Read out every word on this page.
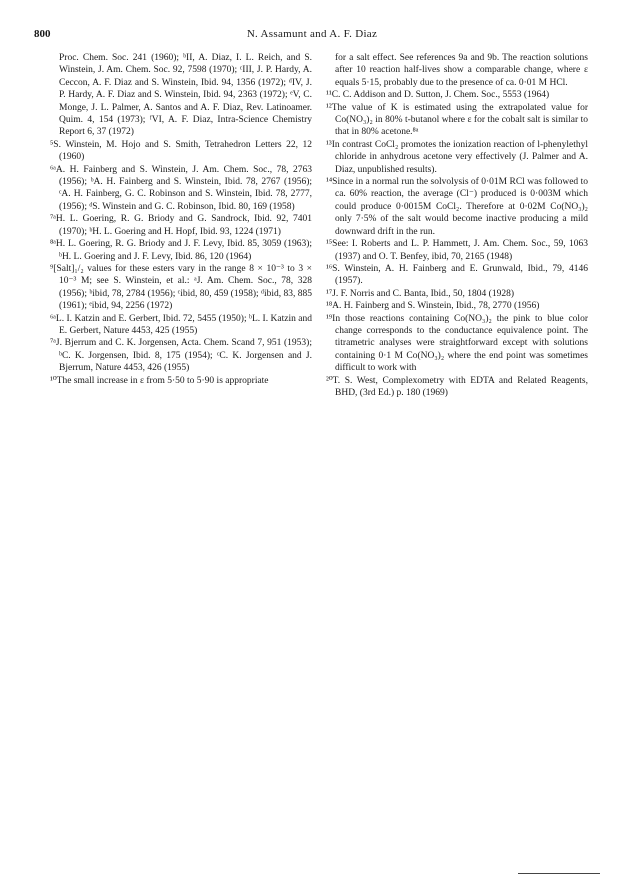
800	N. Assamunt and A. F. Diaz

Proc. Chem. Soc. 241 (1960); ᵇII, A. Diaz, I. L. Reich, and S. Winstein, J. Am. Chem. Soc. 92, 7598 (1970); ᶜIII, J. P. Hardy, A. Ceccon, A. F. Diaz and S. Winstein, Ibid. 94, 1356 (1972); ᵈIV, J. P. Hardy, A. F. Diaz and S. Winstein, Ibid. 94, 2363 (1972); ᵉV, C. Monge, J. L. Palmer, A. Santos and A. F. Diaz, Rev. Latinoamer. Quim. 4, 154 (1973); ᶠVI, A. F. Diaz, Intra-Science Chemistry Report 6, 37 (1972)

⁵S. Winstein, M. Hojo and S. Smith, Tetrahedron Letters 22, 12 (1960)

⁶ᵃA. H. Fainberg and S. Winstein, J. Am. Chem. Soc., 78, 2763 (1956); ᵇA. H. Fainberg and S. Winstein, Ibid. 78, 2767 (1956); ᶜA. H. Fainberg, G. C. Robinson and S. Winstein, Ibid. 78, 2777, (1956); ᵈS. Winstein and G. C. Robinson, Ibid. 80, 169 (1958)

⁷ᵃH. L. Goering, R. G. Briody and G. Sandrock, Ibid. 92, 7401 (1970); ᵇH. L. Goering and H. Hopf, Ibid. 93, 1224 (1971)

⁸ᵃH. L. Goering, R. G. Briody and J. F. Levy, Ibid. 85, 3059 (1963); ᵇH. L. Goering and J. F. Levy, Ibid. 86, 120 (1964)

⁹[Salt]₁/₂ values for these esters vary in the range 8 × 10⁻³ to 3 × 10⁻³ M; see S. Winstein, et al.: ᵃJ. Am. Chem. Soc., 78, 328 (1956); ᵇibid, 78, 2784 (1956); ᶜibid, 80, 459 (1958); ᵈibid, 83, 885 (1961); ᵉibid, 94, 2256 (1972)

⁶ᵃL. I. Katzin and E. Gerbert, Ibid. 72, 5455 (1950); ᵇL. I. Katzin and E. Gerbert, Nature 4453, 425 (1955)

⁷ᵃJ. Bjerrum and C. K. Jorgensen, Acta. Chem. Scand 7, 951 (1953); ᵇC. K. Jorgensen, Ibid. 8, 175 (1954); ᶜC. K. Jorgensen and J. Bjerrum, Nature 4453, 426 (1955)

¹⁰The small increase in ε from 5·50 to 5·90 is appropriate

for a salt effect. See references 9a and 9b. The reaction solutions after 10 reaction half-lives show a comparable change, where ε equals 5·15, probably due to the presence of ca. 0·01 M HCl.

¹¹C. C. Addison and D. Sutton, J. Chem. Soc., 5553 (1964)

¹²The value of K is estimated using the extrapolated value for Co(NO₃)₂ in 80% t-butanol where ε for the cobalt salt is similar to that in 80% acetone.⁸ᵃ

¹³In contrast CoCl₂ promotes the ionization reaction of l-phenylethyl chloride in anhydrous acetone very effectively (J. Palmer and A. Diaz, unpublished results).

¹⁴Since in a normal run the solvolysis of 0·01M RCl was followed to ca. 60% reaction, the average (Cl⁻) produced is 0·003M which could produce 0·0015M CoCl₂. Therefore at 0·02M Co(NO₃)₂ only 7·5% of the salt would become inactive producing a mild downward drift in the run.

¹⁵See: I. Roberts and L. P. Hammett, J. Am. Chem. Soc., 59, 1063 (1937) and O. T. Benfey, ibid, 70, 2165 (1948)

¹⁶S. Winstein, A. H. Fainberg and E. Grunwald, Ibid., 79, 4146 (1957).

¹⁷J. F. Norris and C. Banta, Ibid., 50, 1804 (1928)

¹⁸A. H. Fainberg and S. Winstein, Ibid., 78, 2770 (1956)

¹⁹In those reactions containing Co(NO₃)₂ the pink to blue color change corresponds to the conductance equivalence point. The titrametric analyses were straightforward except with solutions containing 0·1 M Co(NO₃)₂ where the end point was sometimes difficult to work with

²⁰T. S. West, Complexometry with EDTA and Related Reagents, BHD, (3rd Ed.) p. 180 (1969)
